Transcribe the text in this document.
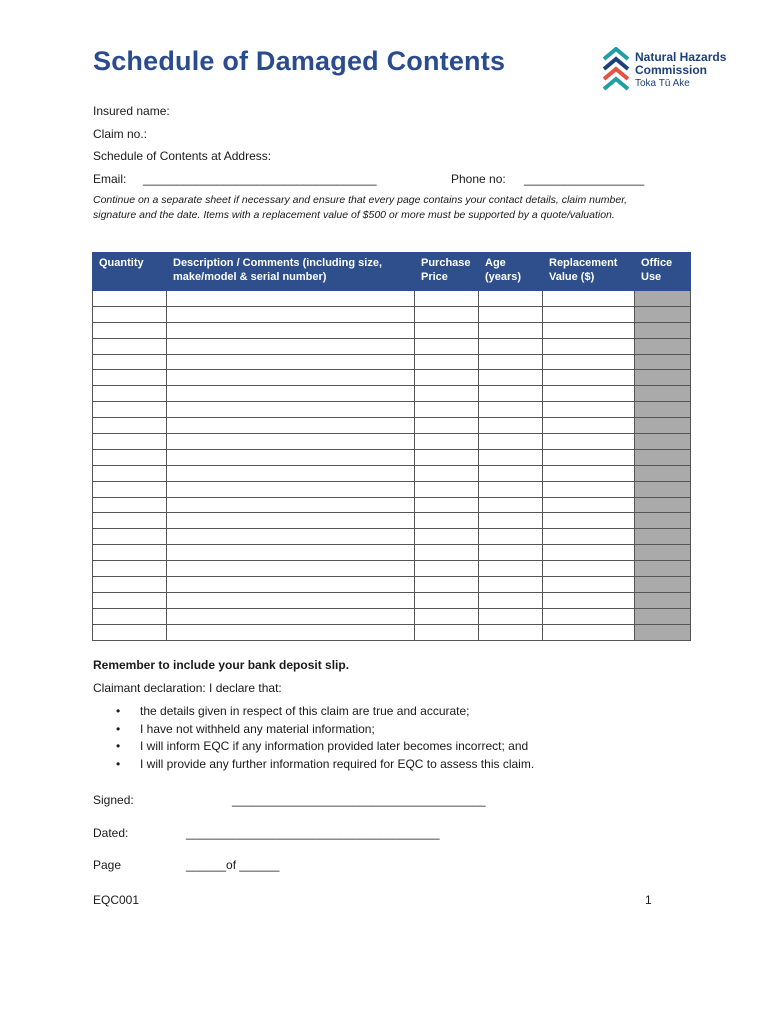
Schedule of Damaged Contents	Natural Hazards
Commission
Toka Tū Ake
Insured name:
Claim no.:
Schedule of Contents at Address:
Email: ___________________________________	Phone no: __________________
Continue on a separate sheet if necessary and ensure that every page contains your contact details, claim number, signature and the date. Items with a replacement value of $500 or more must be supported by a quote/valuation.
Quantity	Description / Comments (including size, make/model & serial number)	Purchase Price	Age (years)	Replacement Value ($)	Office Use

Remember to include your bank deposit slip.
Claimant declaration: I declare that:
• the details given in respect of this claim are true and accurate;
• I have not withheld any material information;
• I will inform EQC if any information provided later becomes incorrect; and
• I will provide any further information required for EQC to assess this claim.
Signed:	______________________________________
Dated:	______________________________________
Page	______of ______
EQC001	1
